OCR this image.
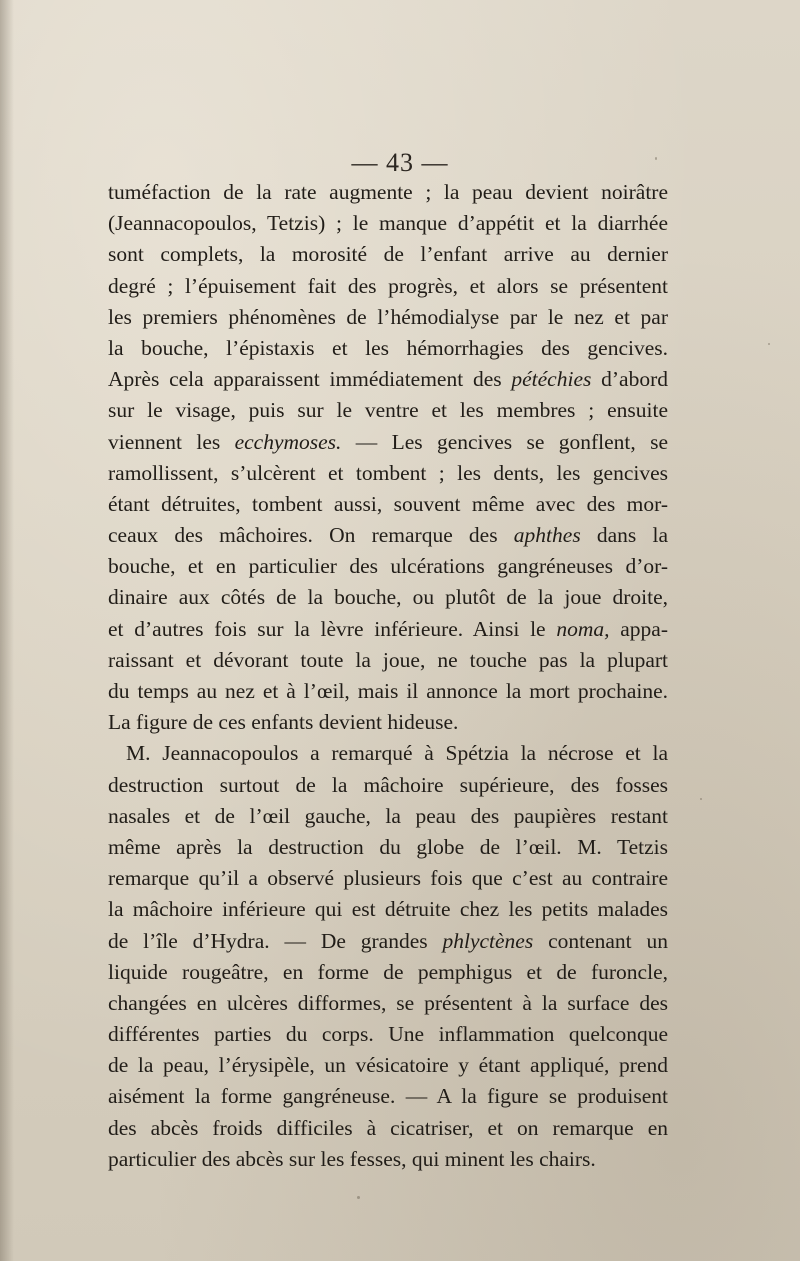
— 43 —
tuméfaction de la rate augmente ; la peau devient noirâtre
(Jeannacopoulos, Tetzis) ; le manque d’appétit et la diarrhée
sont complets, la morosité de l’enfant arrive au dernier
degré ; l’épuisement fait des progrès, et alors se présentent
les premiers phénomènes de l’hémodialyse par le nez et par
la bouche, l’épistaxis et les hémorrhagies des gencives.
Après cela apparaissent immédiatement des pétéchies d’abord
sur le visage, puis sur le ventre et les membres ; ensuite
viennent les ecchymoses. — Les gencives se gonflent, se
ramollissent, s’ulcèrent et tombent ; les dents, les gencives
étant détruites, tombent aussi, souvent même avec des mor-
ceaux des mâchoires. On remarque des aphthes dans la
bouche, et en particulier des ulcérations gangréneuses d’or-
dinaire aux côtés de la bouche, ou plutôt de la joue droite,
et d’autres fois sur la lèvre inférieure. Ainsi le noma, appa-
raissant et dévorant toute la joue, ne touche pas la plupart
du temps au nez et à l’œil, mais il annonce la mort prochaine.
La figure de ces enfants devient hideuse.
M. Jeannacopoulos a remarqué à Spétzia la nécrose et la
destruction surtout de la mâchoire supérieure, des fosses
nasales et de l’œil gauche, la peau des paupières restant
même après la destruction du globe de l’œil. M. Tetzis
remarque qu’il a observé plusieurs fois que c’est au contraire
la mâchoire inférieure qui est détruite chez les petits malades
de l’île d’Hydra. — De grandes phlyctènes contenant un
liquide rougeâtre, en forme de pemphigus et de furoncle,
changées en ulcères difformes, se présentent à la surface des
différentes parties du corps. Une inflammation quelconque
de la peau, l’érysipèle, un vésicatoire y étant appliqué, prend
aisément la forme gangréneuse. — A la figure se produisent
des abcès froids difficiles à cicatriser, et on remarque en
particulier des abcès sur les fesses, qui minent les chairs.
